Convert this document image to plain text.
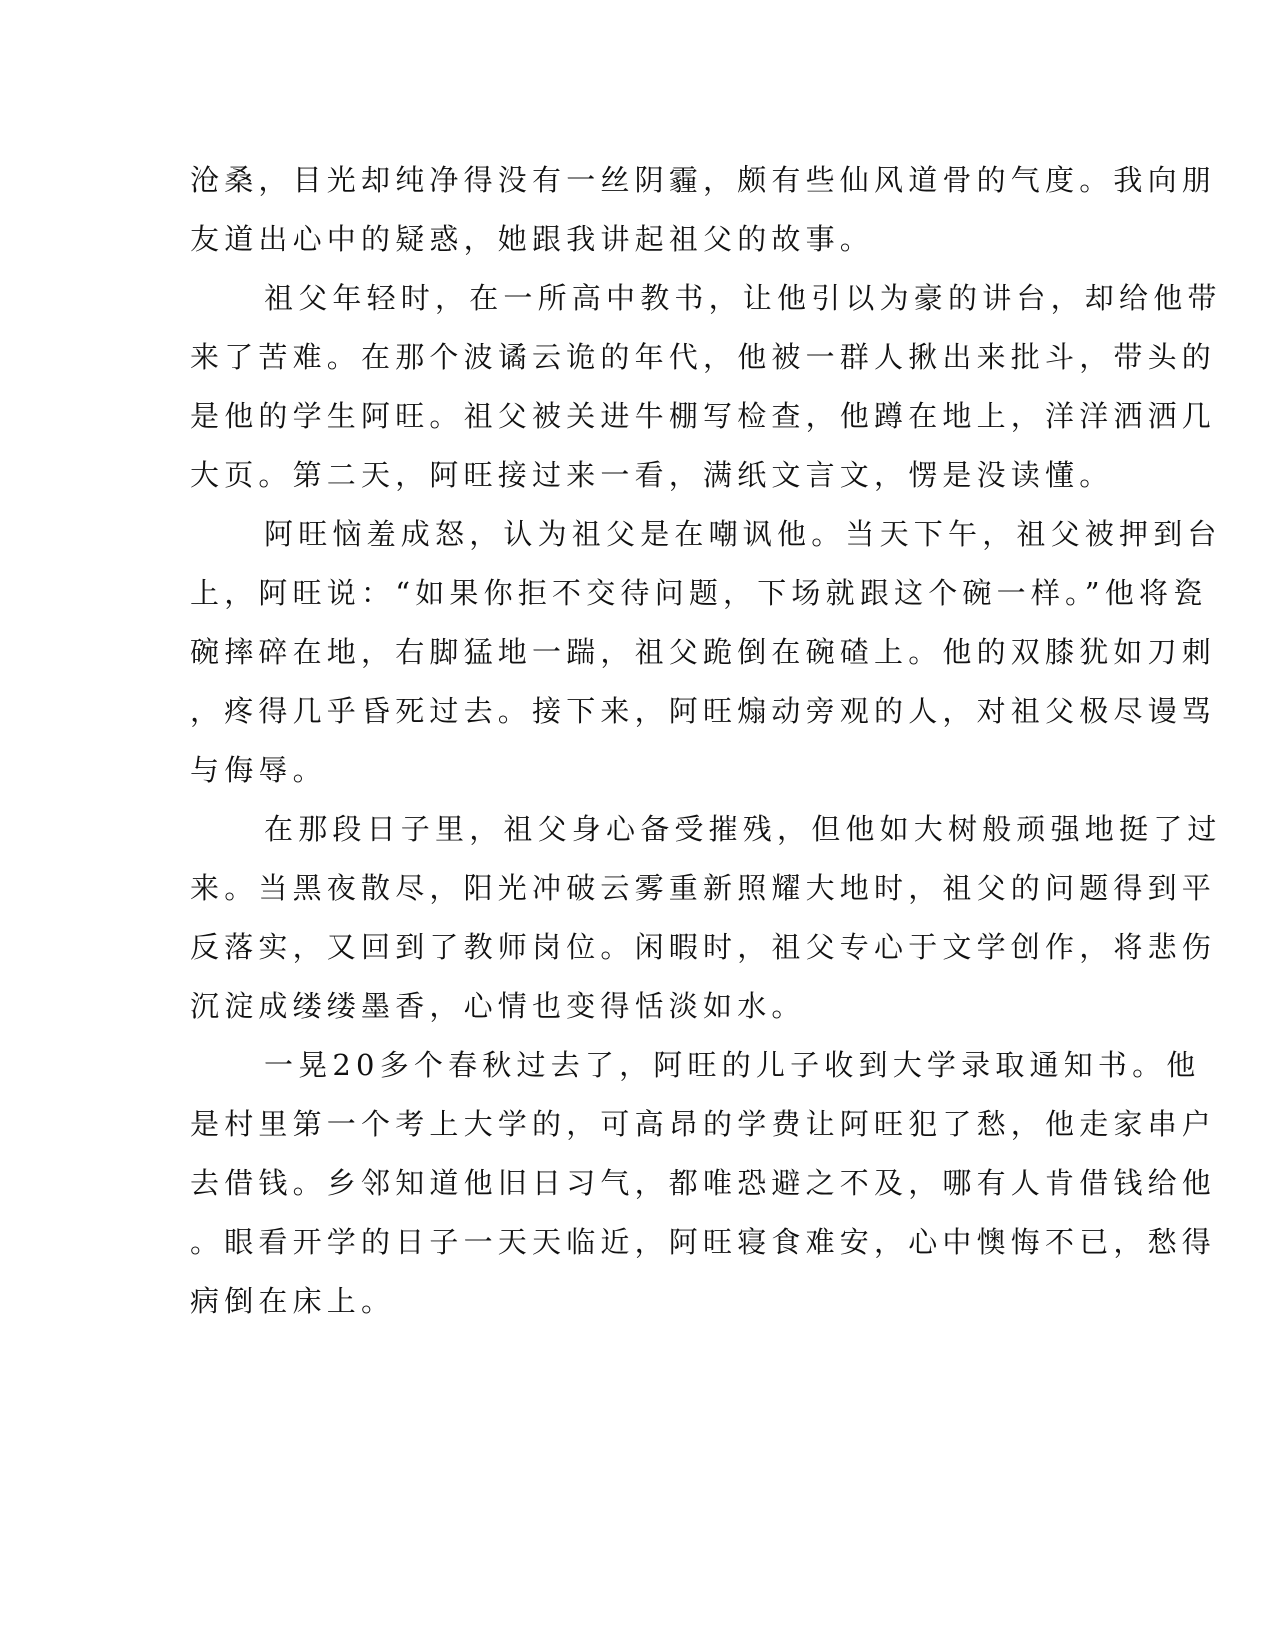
沧桑，目光却纯净得没有一丝阴霾，颇有些仙风道骨的气度。我向朋
友道出心中的疑惑，她跟我讲起祖父的故事。
祖父年轻时，在一所高中教书，让他引以为豪的讲台，却给他带
来了苦难。在那个波谲云诡的年代，他被一群人揪出来批斗，带头的
是他的学生阿旺。祖父被关进牛棚写检查，他蹲在地上，洋洋洒洒几
大页。第二天，阿旺接过来一看，满纸文言文，愣是没读懂。
阿旺恼羞成怒，认为祖父是在嘲讽他。当天下午，祖父被押到台
上，阿旺说：“如果你拒不交待问题，下场就跟这个碗一样。”他将瓷
碗摔碎在地，右脚猛地一踹，祖父跪倒在碗碴上。他的双膝犹如刀刺
，疼得几乎昏死过去。接下来，阿旺煽动旁观的人，对祖父极尽谩骂
与侮辱。
在那段日子里，祖父身心备受摧残，但他如大树般顽强地挺了过
来。当黑夜散尽，阳光冲破云雾重新照耀大地时，祖父的问题得到平
反落实，又回到了教师岗位。闲暇时，祖父专心于文学创作，将悲伤
沉淀成缕缕墨香，心情也变得恬淡如水。
一晃20多个春秋过去了，阿旺的儿子收到大学录取通知书。他
是村里第一个考上大学的，可高昂的学费让阿旺犯了愁，他走家串户
去借钱。乡邻知道他旧日习气，都唯恐避之不及，哪有人肯借钱给他
。眼看开学的日子一天天临近，阿旺寝食难安，心中懊悔不已，愁得
病倒在床上。
